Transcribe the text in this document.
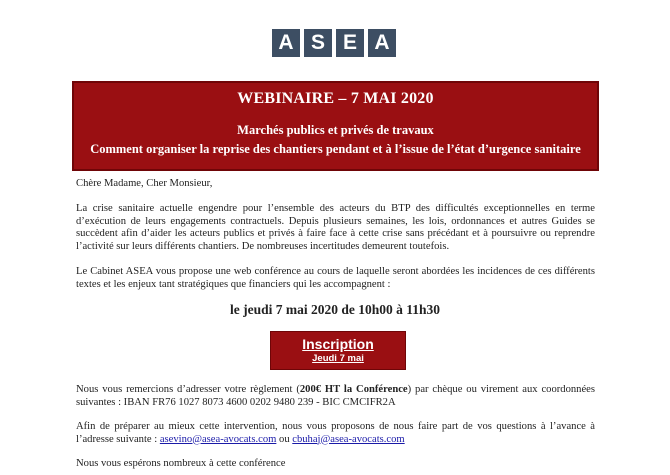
A S E A
WEBINAIRE – 7 MAI 2020
Marchés publics et privés de travaux
Comment organiser la reprise des chantiers pendant et à l’issue de l’état d’urgence sanitaire
Chère Madame, Cher Monsieur,
La crise sanitaire actuelle engendre pour l’ensemble des acteurs du BTP des difficultés exceptionnelles en terme d’exécution de leurs engagements contractuels. Depuis plusieurs semaines, les lois, ordonnances et autres Guides se succèdent afin d’aider les acteurs publics et privés à faire face à cette crise sans précédant et à poursuivre ou reprendre l’activité sur leurs différents chantiers. De nombreuses incertitudes demeurent toutefois.
Le Cabinet ASEA vous propose une web conférence au cours de laquelle seront abordées les incidences de ces différents textes et les enjeux tant stratégiques que financiers qui les accompagnent :
le jeudi 7 mai 2020 de 10h00 à 11h30
Inscription
Jeudi 7 mai
Nous vous remercions d’adresser votre règlement (200€ HT la Conférence) par chèque ou virement aux coordonnées suivantes : IBAN FR76 1027 8073 4600 0202 9480 239 - BIC CMCIFR2A
Afin de préparer au mieux cette intervention, nous vous proposons de nous faire part de vos questions à l’avance à l’adresse suivante : asevino@asea-avocats.com ou cbuhaj@asea-avocats.com
Nous vous espérons nombreux à cette conférence
